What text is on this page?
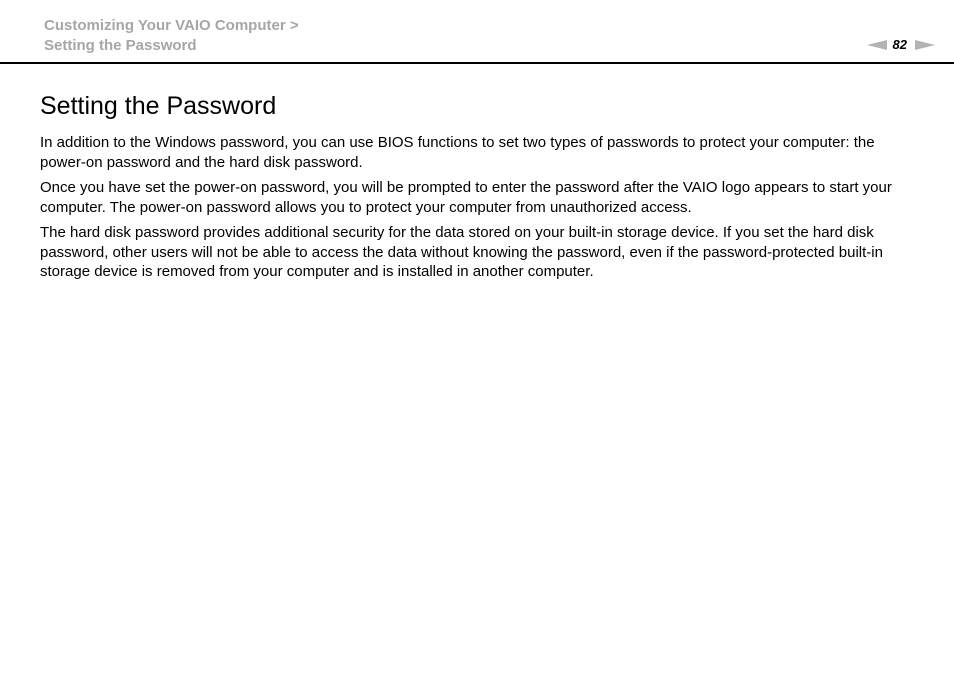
Customizing Your VAIO Computer >
Setting the Password	82
Setting the Password

In addition to the Windows password, you can use BIOS functions to set two types of passwords to protect your computer: the power-on password and the hard disk password.

Once you have set the power-on password, you will be prompted to enter the password after the VAIO logo appears to start your computer. The power-on password allows you to protect your computer from unauthorized access.

The hard disk password provides additional security for the data stored on your built-in storage device. If you set the hard disk password, other users will not be able to access the data without knowing the password, even if the password-protected built-in storage device is removed from your computer and is installed in another computer.
